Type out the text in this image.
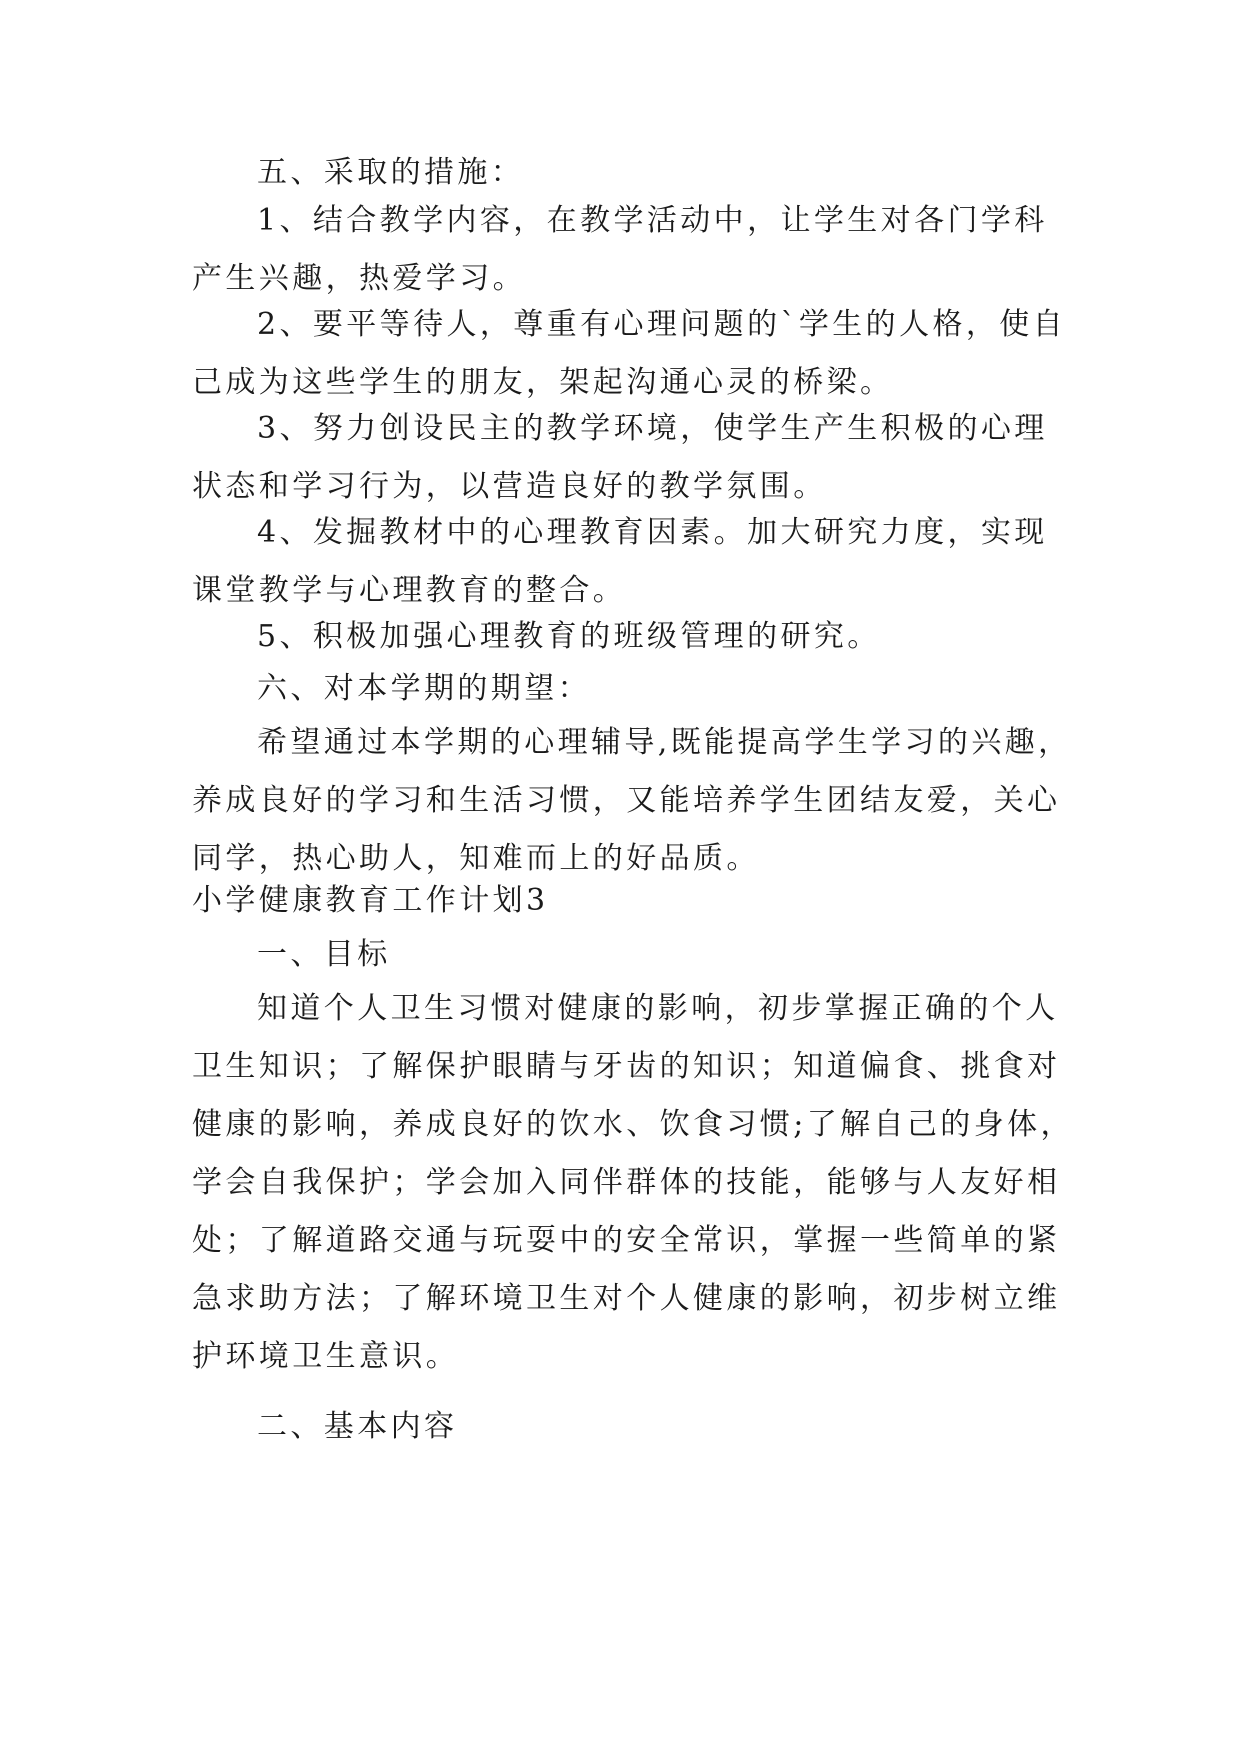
五、采取的措施：

1、结合教学内容，在教学活动中，让学生对各门学科
产生兴趣，热爱学习。

2、要平等待人，尊重有心理问题的`学生的人格，使自
己成为这些学生的朋友，架起沟通心灵的桥梁。

3、努力创设民主的教学环境，使学生产生积极的心理
状态和学习行为，以营造良好的教学氛围。

4、发掘教材中的心理教育因素。加大研究力度，实现
课堂教学与心理教育的整合。

5、积极加强心理教育的班级管理的研究。

六、对本学期的期望：

希望通过本学期的心理辅导,既能提高学生学习的兴趣，
养成良好的学习和生活习惯，又能培养学生团结友爱，关心
同学，热心助人，知难而上的好品质。

小学健康教育工作计划3

一、目标

知道个人卫生习惯对健康的影响，初步掌握正确的个人
卫生知识；了解保护眼睛与牙齿的知识；知道偏食、挑食对
健康的影响，养成良好的饮水、饮食习惯;了解自己的身体，
学会自我保护；学会加入同伴群体的技能，能够与人友好相
处；了解道路交通与玩耍中的安全常识，掌握一些简单的紧
急求助方法；了解环境卫生对个人健康的影响，初步树立维
护环境卫生意识。

二、基本内容
